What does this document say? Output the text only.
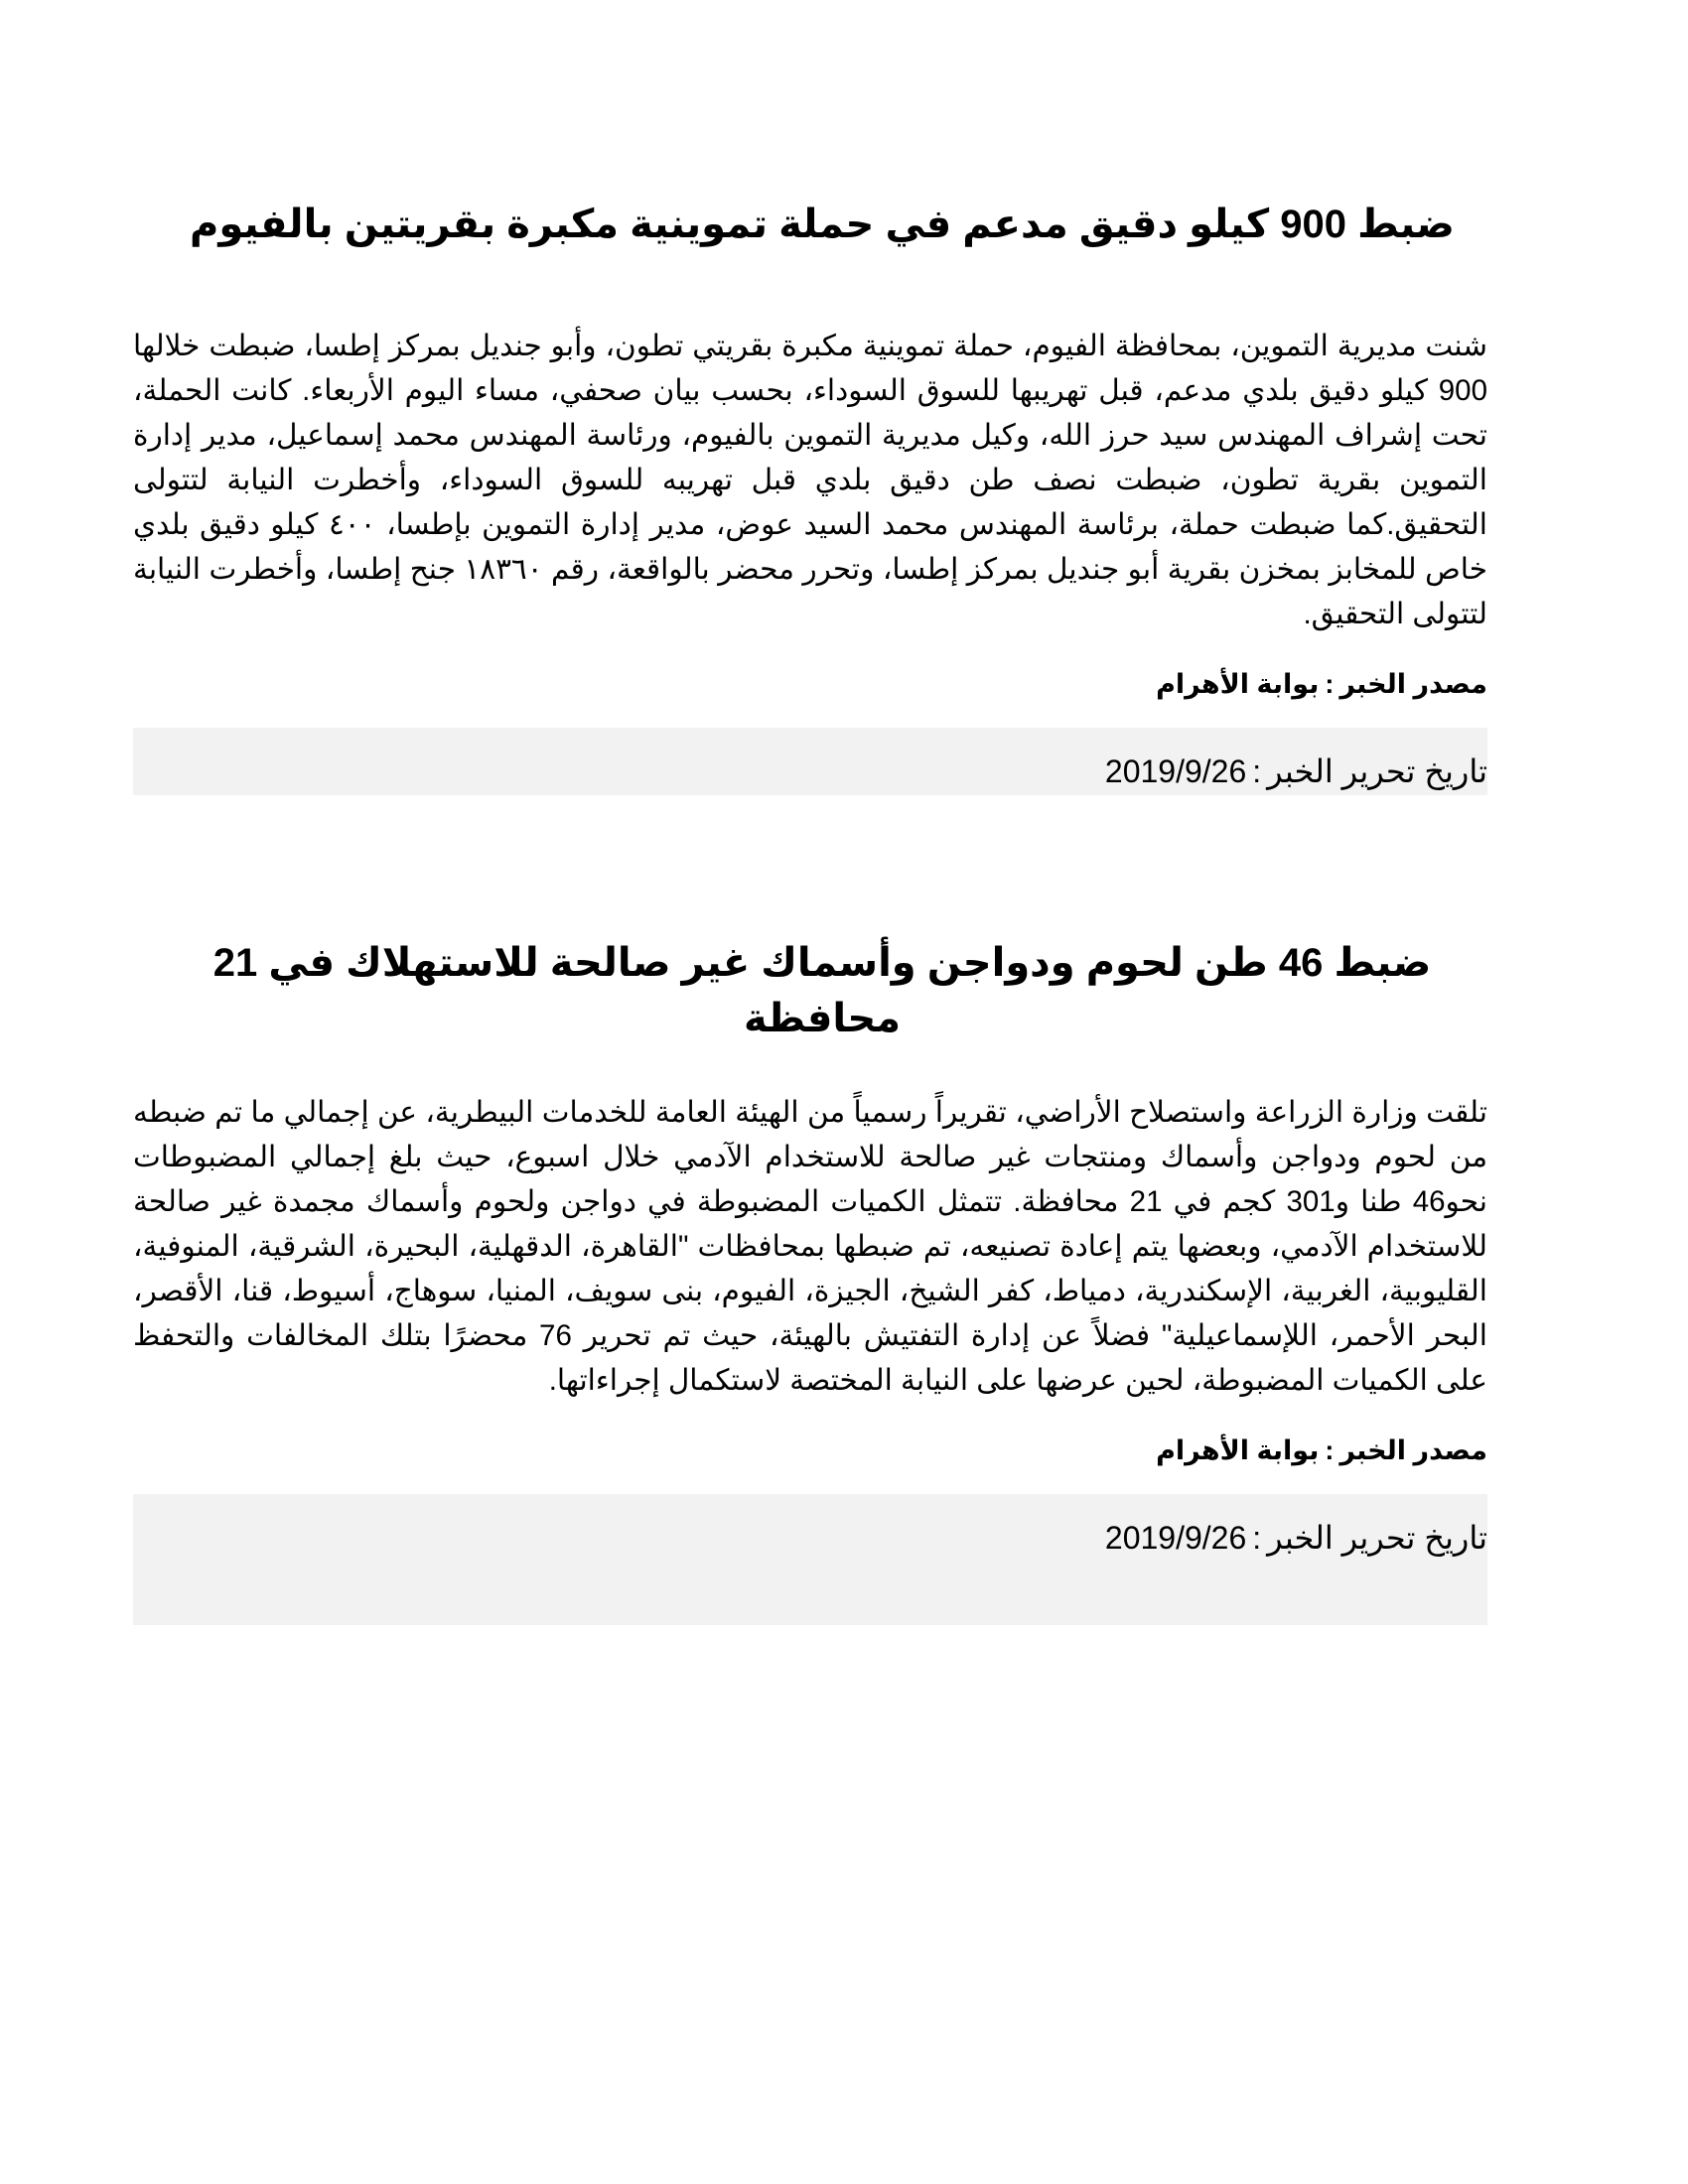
ضبط 900 كيلو دقيق مدعم في حملة تموينية مكبرة بقريتين بالفيوم

شنت مديرية التموين، بمحافظة الفيوم، حملة تموينية مكبرة بقريتي تطون، وأبو جنديل بمركز إطسا، ضبطت خلالها 900 كيلو دقيق بلدي مدعم، قبل تهريبها للسوق السوداء، بحسب بيان صحفي، مساء اليوم الأربعاء. كانت الحملة، تحت إشراف المهندس سيد حرز الله، وكيل مديرية التموين بالفيوم، ورئاسة المهندس محمد إسماعيل، مدير إدارة التموين بقرية تطون، ضبطت نصف طن دقيق بلدي قبل تهريبه للسوق السوداء، وأخطرت النيابة لتتولى التحقيق.كما ضبطت حملة، برئاسة المهندس محمد السيد عوض، مدير إدارة التموين بإطسا، ٤٠٠ كيلو دقيق بلدي خاص للمخابز بمخزن بقرية أبو جنديل بمركز إطسا، وتحرر محضر بالواقعة، رقم ١٨٣٦٠ جنح إطسا، وأخطرت النيابة لتتولى التحقيق.

مصدر الخبر:بوابة الأهرام
تاريخ تحرير الخبر:2019/9/26
ضبط 46 طن لحوم ودواجن وأسماك غير صالحة للاستهلاك في 21 محافظة

تلقت وزارة الزراعة واستصلاح الأراضي، تقريراً رسمياً من الهيئة العامة للخدمات البيطرية، عن إجمالي ما تم ضبطه من لحوم ودواجن وأسماك ومنتجات غير صالحة للاستخدام الآدمي خلال اسبوع، حيث بلغ إجمالي المضبوطات نحو46 طنا و301 كجم في 21 محافظة. تتمثل الكميات المضبوطة في دواجن ولحوم وأسماك مجمدة غير صالحة للاستخدام الآدمي، وبعضها يتم إعادة تصنيعه، تم ضبطها بمحافظات "القاهرة، الدقهلية، البحيرة، الشرقية، المنوفية، القليوبية، الغربية، الإسكندرية، دمياط، كفر الشيخ، الجيزة، الفيوم، بنى سويف، المنيا، سوهاج، أسيوط، قنا، الأقصر، البحر الأحمر، اللإسماعيلية" فضلاً عن إدارة التفتيش بالهيئة، حيث تم تحرير 76 محضرًا بتلك المخالفات والتحفظ على الكميات المضبوطة، لحين عرضها على النيابة المختصة لاستكمال إجراءاتها.

مصدر الخبر:بوابة الأهرام
تاريخ تحرير الخبر:2019/9/26
